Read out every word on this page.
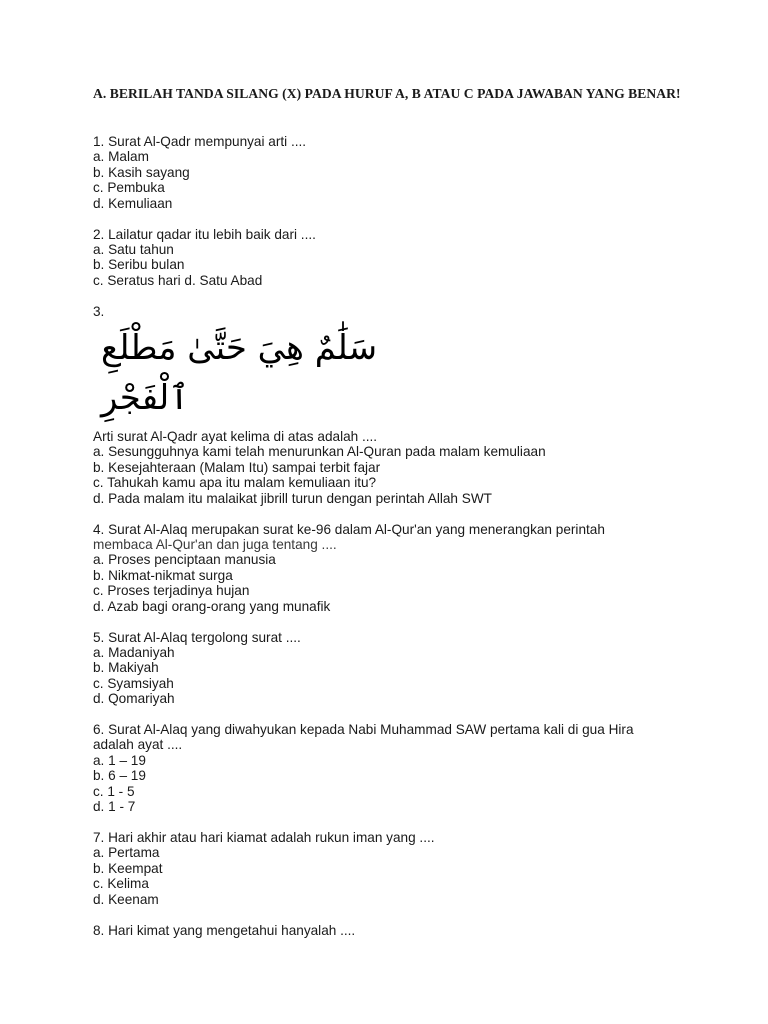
A. BERILAH TANDA SILANG (X) PADA HURUF A, B ATAU C PADA JAWABAN YANG BENAR!

1. Surat Al-Qadr mempunyai arti ....
a. Malam
b. Kasih sayang
c. Pembuka
d. Kemuliaan
2. Lailatur qadar itu lebih baik dari ....
a. Satu tahun
b. Seribu bulan
c. Seratus hari d. Satu Abad
3.
سَلَٰمٌ هِيَ حَتَّىٰ مَطْلَعِ ٱلْفَجْرِ
Arti surat Al-Qadr ayat kelima di atas adalah ....
a. Sesungguhnya kami telah menurunkan Al-Quran pada malam kemuliaan
b. Kesejahteraan (Malam Itu) sampai terbit fajar
c. Tahukah kamu apa itu malam kemuliaan itu?
d. Pada malam itu malaikat jibrill turun dengan perintah Allah SWT
4. Surat Al-Alaq merupakan surat ke-96 dalam Al-Qur'an yang menerangkan perintah
membaca Al-Qur'an dan juga tentang ....
a. Proses penciptaan manusia
b. Nikmat-nikmat surga
c. Proses terjadinya hujan
d. Azab bagi orang-orang yang munafik
5. Surat Al-Alaq tergolong surat ....
a. Madaniyah
b. Makiyah
c. Syamsiyah
d. Qomariyah
6. Surat Al-Alaq yang diwahyukan kepada Nabi Muhammad SAW pertama kali di gua Hira
adalah ayat ....
a. 1 – 19
b. 6 – 19
c. 1 - 5
d. 1 - 7
7. Hari akhir atau hari kiamat adalah rukun iman yang ....
a. Pertama
b. Keempat
c. Kelima
d. Keenam
8. Hari kimat yang mengetahui hanyalah ....
